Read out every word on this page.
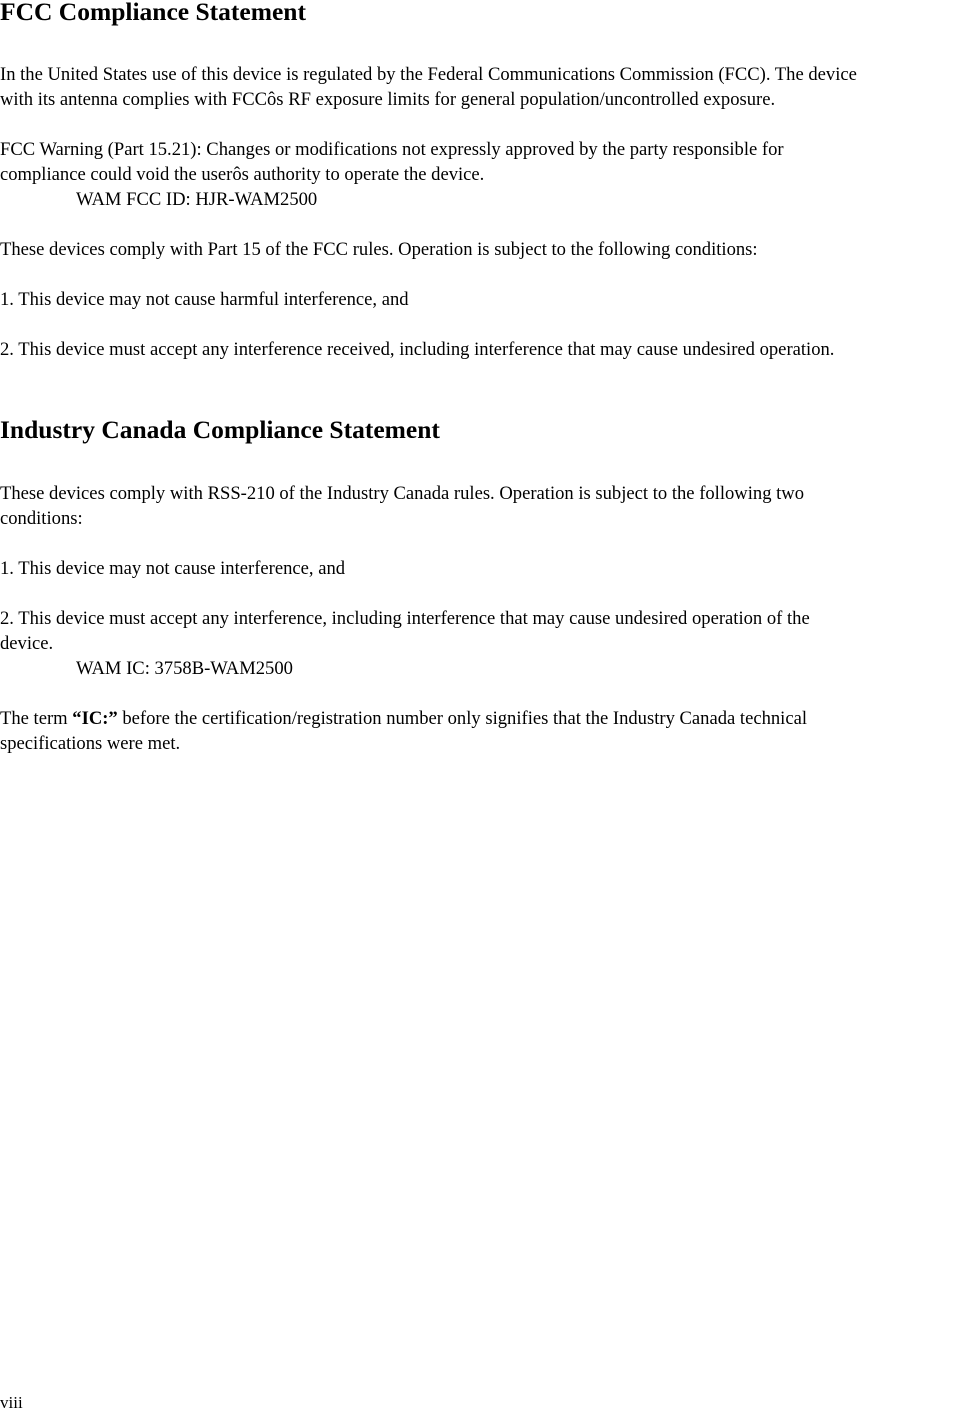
FCC Compliance Statement
In the United States use of this device is regulated by the Federal Communications Commission (FCC). The device
with its antenna complies with FCCôs RF exposure limits for general population/uncontrolled exposure.
FCC Warning (Part 15.21): Changes or modifications not expressly approved by the party responsible for
compliance could void the userôs authority to operate the device.
WAM FCC ID: HJR-WAM2500
These devices comply with Part 15 of the FCC rules. Operation is subject to the following conditions:
1. This device may not cause harmful interference, and
2. This device must accept any interference received, including interference that may cause undesired operation.
Industry Canada Compliance Statement
These devices comply with RSS-210 of the Industry Canada rules. Operation is subject to the following two
conditions:
1. This device may not cause interference, and
2. This device must accept any interference, including interference that may cause undesired operation of the
device.
WAM IC: 3758B-WAM2500
The term “IC:” before the certification/registration number only signifies that the Industry Canada technical
specifications were met.
viii
